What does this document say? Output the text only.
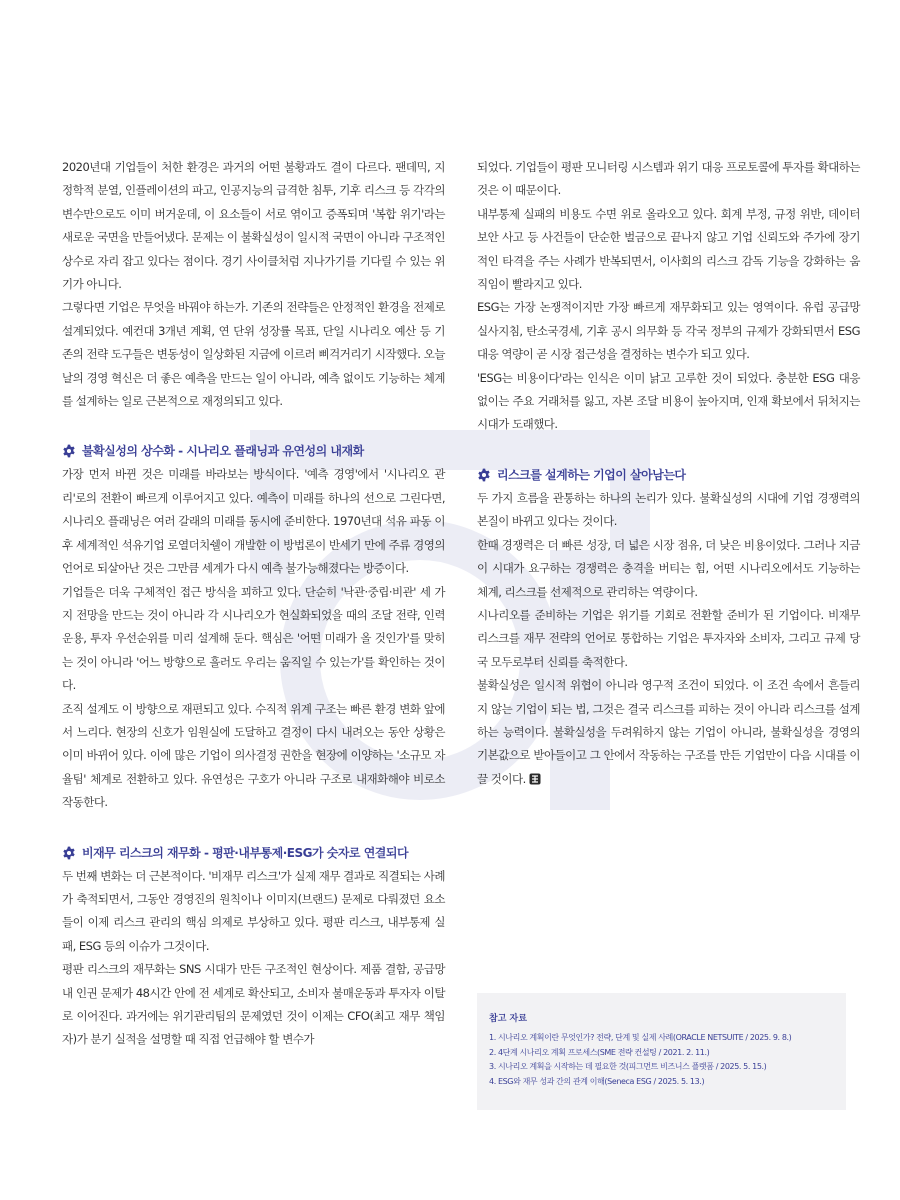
2020년대 기업들이 처한 환경은 과거의 어떤 불황과도 결이 다르다. 팬데믹, 지정학적 분열, 인플레이션의 파고, 인공지능의 급격한 침투, 기후 리스크 등 각각의 변수만으로도 이미 버거운데, 이 요소들이 서로 엮이고 증폭되며 '복합 위기'라는 새로운 국면을 만들어냈다. 문제는 이 불확실성이 일시적 국면이 아니라 구조적인 상수로 자리 잡고 있다는 점이다. 경기 사이클처럼 지나가기를 기다릴 수 있는 위기가 아니다.

그렇다면 기업은 무엇을 바꿔야 하는가. 기존의 전략들은 안정적인 환경을 전제로 설계되었다. 예컨대 3개년 계획, 연 단위 성장률 목표, 단일 시나리오 예산 등 기존의 전략 도구들은 변동성이 일상화된 지금에 이르러 삐걱거리기 시작했다. 오늘날의 경영 혁신은 더 좋은 예측을 만드는 일이 아니라, 예측 없이도 기능하는 체계를 설계하는 일로 근본적으로 재정의되고 있다.

불확실성의 상수화 - 시나리오 플래닝과 유연성의 내재화

가장 먼저 바뀐 것은 미래를 바라보는 방식이다. '예측 경영'에서 '시나리오 관리'로의 전환이 빠르게 이루어지고 있다. 예측이 미래를 하나의 선으로 그린다면, 시나리오 플래닝은 여러 갈래의 미래를 동시에 준비한다. 1970년대 석유 파동 이후 세계적인 석유기업 로열더치쉘이 개발한 이 방법론이 반세기 만에 주류 경영의 언어로 되살아난 것은 그만큼 세계가 다시 예측 불가능해졌다는 방증이다.

기업들은 더욱 구체적인 접근 방식을 꾀하고 있다. 단순히 '낙관·중립·비관' 세 가지 전망을 만드는 것이 아니라 각 시나리오가 현실화되었을 때의 조달 전략, 인력 운용, 투자 우선순위를 미리 설계해 둔다. 핵심은 '어떤 미래가 올 것인가'를 맞히는 것이 아니라 '어느 방향으로 흘러도 우리는 움직일 수 있는가'를 확인하는 것이다.

조직 설계도 이 방향으로 재편되고 있다. 수직적 위계 구조는 빠른 환경 변화 앞에서 느리다. 현장의 신호가 임원실에 도달하고 결정이 다시 내려오는 동안 상황은 이미 바뀌어 있다. 이에 많은 기업이 의사결정 권한을 현장에 이양하는 '소규모 자율팀' 체계로 전환하고 있다. 유연성은 구호가 아니라 구조로 내재화해야 비로소 작동한다.

비재무 리스크의 재무화 - 평판·내부통제·ESG가 숫자로 연결되다

두 번째 변화는 더 근본적이다. '비재무 리스크'가 실제 재무 결과로 직결되는 사례가 축적되면서, 그동안 경영진의 원칙이나 이미지(브랜드) 문제로 다뤄졌던 요소들이 이제 리스크 관리의 핵심 의제로 부상하고 있다. 평판 리스크, 내부통제 실패, ESG 등의 이슈가 그것이다.

평판 리스크의 재무화는 SNS 시대가 만든 구조적인 현상이다. 제품 결함, 공급망 내 인권 문제가 48시간 안에 전 세계로 확산되고, 소비자 불매운동과 투자자 이탈로 이어진다. 과거에는 위기관리팀의 문제였던 것이 이제는 CFO(최고 재무 책임자)가 분기 실적을 설명할 때 직접 언급해야 할 변수가

되었다. 기업들이 평판 모니터링 시스템과 위기 대응 프로토콜에 투자를 확대하는 것은 이 때문이다.

내부통제 실패의 비용도 수면 위로 올라오고 있다. 회계 부정, 규정 위반, 데이터 보안 사고 등 사건들이 단순한 벌금으로 끝나지 않고 기업 신뢰도와 주가에 장기적인 타격을 주는 사례가 반복되면서, 이사회의 리스크 감독 기능을 강화하는 움직임이 빨라지고 있다.

ESG는 가장 논쟁적이지만 가장 빠르게 재무화되고 있는 영역이다. 유럽 공급망 실사지침, 탄소국경세, 기후 공시 의무화 등 각국 정부의 규제가 강화되면서 ESG 대응 역량이 곧 시장 접근성을 결정하는 변수가 되고 있다.

'ESG는 비용이다'라는 인식은 이미 낡고 고루한 것이 되었다. 충분한 ESG 대응 없이는 주요 거래처를 잃고, 자본 조달 비용이 높아지며, 인재 확보에서 뒤처지는 시대가 도래했다.

리스크를 설계하는 기업이 살아남는다

두 가지 흐름을 관통하는 하나의 논리가 있다. 불확실성의 시대에 기업 경쟁력의 본질이 바뀌고 있다는 것이다.

한때 경쟁력은 더 빠른 성장, 더 넓은 시장 점유, 더 낮은 비용이었다. 그러나 지금 이 시대가 요구하는 경쟁력은 충격을 버티는 힘, 어떤 시나리오에서도 기능하는 체계, 리스크를 선제적으로 관리하는 역량이다.

시나리오를 준비하는 기업은 위기를 기회로 전환할 준비가 된 기업이다. 비재무 리스크를 재무 전략의 언어로 통합하는 기업은 투자자와 소비자, 그리고 규제 당국 모두로부터 신뢰를 축적한다.

불확실성은 일시적 위협이 아니라 영구적 조건이 되었다. 이 조건 속에서 흔들리지 않는 기업이 되는 법, 그것은 결국 리스크를 피하는 것이 아니라 리스크를 설계하는 능력이다. 불확실성을 두려워하지 않는 기업이 아니라, 불확실성을 경영의 기본값으로 받아들이고 그 안에서 작동하는 구조를 만든 기업만이 다음 시대를 이끌 것이다.

참고 자료
1. 시나리오 계획이란 무엇인가? 전략, 단계 및 실제 사례(ORACLE NETSUITE / 2025. 9. 8.)
2. 4단계 시나리오 계획 프로세스(SME 전략 컨설팅 / 2021. 2. 11.)
3. 시나리오 계획을 시작하는 데 필요한 것(피그먼트 비즈니스 플랫폼 / 2025. 5. 15.)
4. ESG와 재무 성과 간의 관계 이해(Seneca ESG / 2025. 5. 13.)
